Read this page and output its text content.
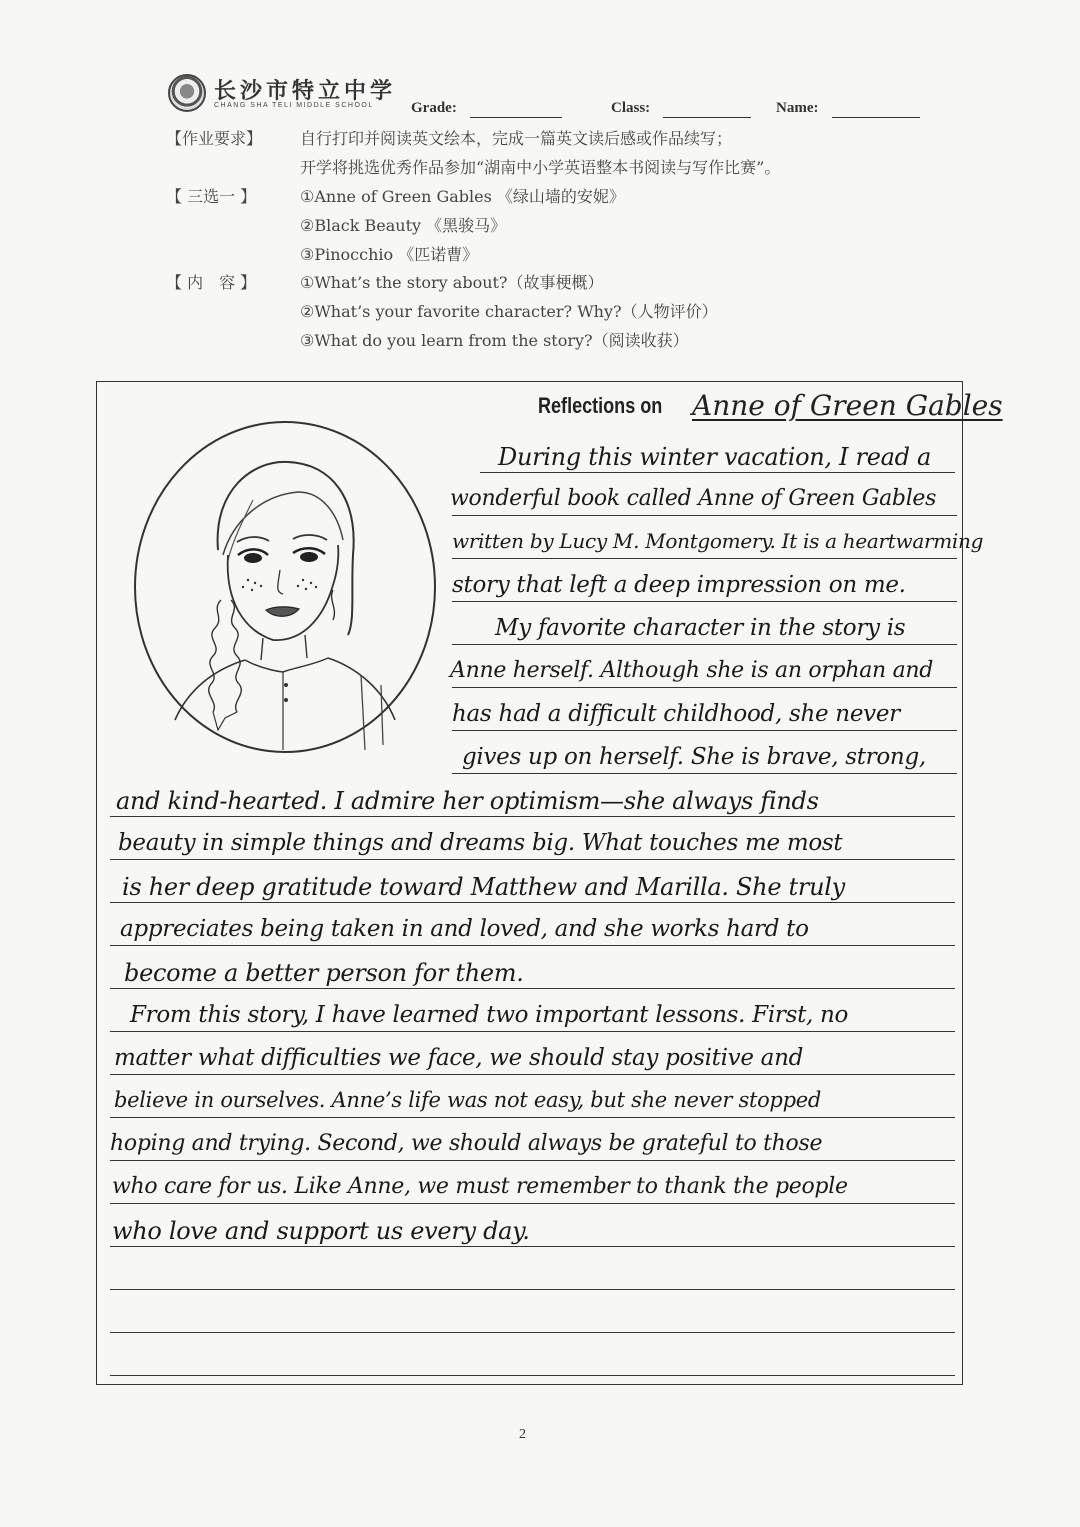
长沙市特立中学
CHANG SHA TELI MIDDLE SCHOOL Grade:	Class:	Name:
【作业要求】 自行打印并阅读英文绘本，完成一篇英文读后感或作品续写；
开学将挑选优秀作品参加“湖南中小学英语整本书阅读与写作比赛”。
【 三选一 】	①Anne of Green Gables 《绿山墙的安妮》
②Black Beauty 《黑骏马》
③Pinocchio 《匹诺曹》
【 内　容 】	①What’s the story about?（故事梗概）
②What’s your favorite character? Why?（人物评价）
③What do you learn from the story?（阅读收获）
Reflections on Anne of Green Gables
During this winter vacation, I read a
wonderful book called Anne of Green Gables
written by Lucy M. Montgomery. It is a heartwarming
story that left a deep impression on me.
My favorite character in the story is
Anne herself. Although she is an orphan and
has had a difficult childhood, she never
gives up on herself. She is brave, strong,
and kind-hearted. I admire her optimism—she always finds
beauty in simple things and dreams big. What touches me most
is her deep gratitude toward Matthew and Marilla. She truly
appreciates being taken in and loved, and she works hard to
become a better person for them.
From this story, I have learned two important lessons. First, no
matter what difficulties we face, we should stay positive and
believe in ourselves. Anne’s life was not easy, but she never stopped
hoping and trying. Second, we should always be grateful to those
who care for us. Like Anne, we must remember to thank the people
who love and support us every day.
2
